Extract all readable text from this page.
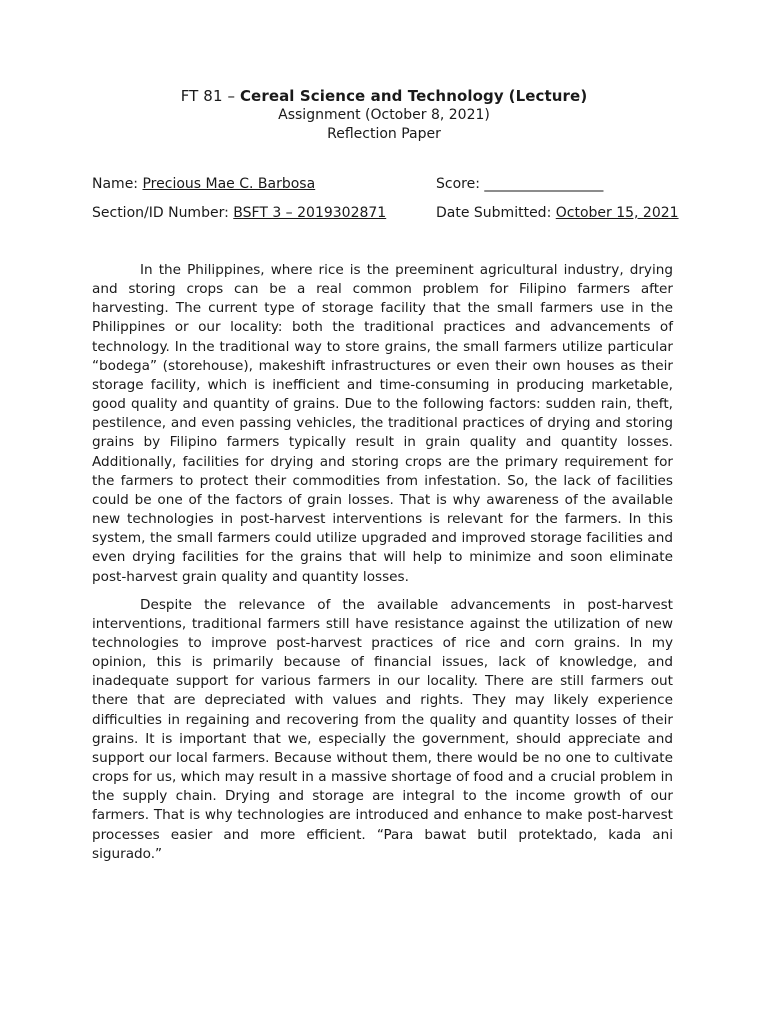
FT 81 – Cereal Science and Technology (Lecture)

Assignment (October 8, 2021)

Reflection Paper

Name: Precious Mae C. Barbosa	Score: _________________
Section/ID Number: BSFT 3 – 2019302871	Date Submitted: October 15, 2021

In the Philippines, where rice is the preeminent agricultural industry, drying and storing crops can be a real common problem for Filipino farmers after harvesting. The current type of storage facility that the small farmers use in the Philippines or our locality: both the traditional practices and advancements of technology. In the traditional way to store grains, the small farmers utilize particular “bodega” (storehouse), makeshift infrastructures or even their own houses as their storage facility, which is inefficient and time-consuming in producing marketable, good quality and quantity of grains. Due to the following factors: sudden rain, theft, pestilence, and even passing vehicles, the traditional practices of drying and storing grains by Filipino farmers typically result in grain quality and quantity losses. Additionally, facilities for drying and storing crops are the primary requirement for the farmers to protect their commodities from infestation. So, the lack of facilities could be one of the factors of grain losses. That is why awareness of the available new technologies in post-harvest interventions is relevant for the farmers. In this system, the small farmers could utilize upgraded and improved storage facilities and even drying facilities for the grains that will help to minimize and soon eliminate post-harvest grain quality and quantity losses.

Despite the relevance of the available advancements in post-harvest interventions, traditional farmers still have resistance against the utilization of new technologies to improve post-harvest practices of rice and corn grains. In my opinion, this is primarily because of financial issues, lack of knowledge, and inadequate support for various farmers in our locality. There are still farmers out there that are depreciated with values and rights. They may likely experience difficulties in regaining and recovering from the quality and quantity losses of their grains. It is important that we, especially the government, should appreciate and support our local farmers. Because without them, there would be no one to cultivate crops for us, which may result in a massive shortage of food and a crucial problem in the supply chain. Drying and storage are integral to the income growth of our farmers. That is why technologies are introduced and enhance to make post-harvest processes easier and more efficient. “Para bawat butil protektado, kada ani sigurado.”
